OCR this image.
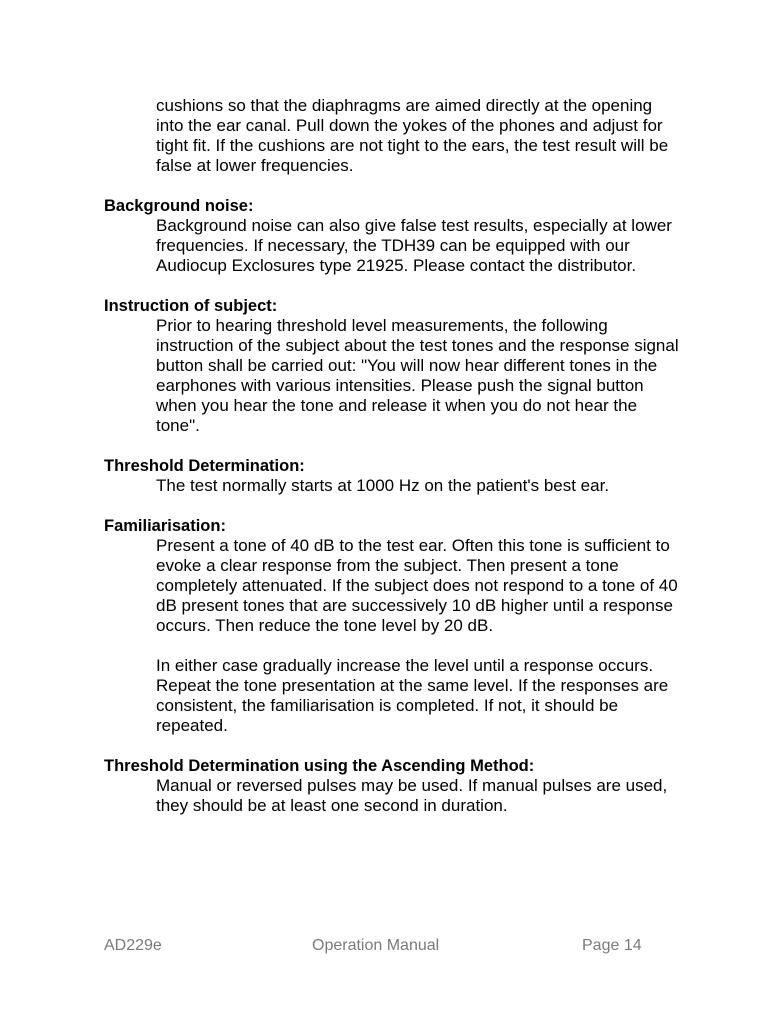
cushions so that the diaphragms are aimed directly at the opening into the ear canal. Pull down the yokes of the phones and adjust for tight fit. If the cushions are not tight to the ears, the test result will be false at lower frequencies.

Background noise:

Background noise can also give false test results, especially at lower frequencies. If necessary, the TDH39 can be equipped with our Audiocup Exclosures type 21925. Please contact the distributor.

Instruction of subject:

Prior to hearing threshold level measurements, the following instruction of the subject about the test tones and the response signal button shall be carried out: "You will now hear different tones in the earphones with various intensities. Please push the signal button when you hear the tone and release it when you do not hear the tone".

Threshold Determination:

The test normally starts at 1000 Hz on the patient's best ear.

Familiarisation:

Present a tone of 40 dB to the test ear. Often this tone is sufficient to evoke a clear response from the subject. Then present a tone completely attenuated. If the subject does not respond to a tone of 40 dB present tones that are successively 10 dB higher until a response occurs. Then reduce the tone level by 20 dB.

In either case gradually increase the level until a response occurs. Repeat the tone presentation at the same level. If the responses are consistent, the familiarisation is completed. If not, it should be repeated.

Threshold Determination using the Ascending Method:

Manual or reversed pulses may be used. If manual pulses are used, they should be at least one second in duration.

AD229e	Operation Manual	Page 14
